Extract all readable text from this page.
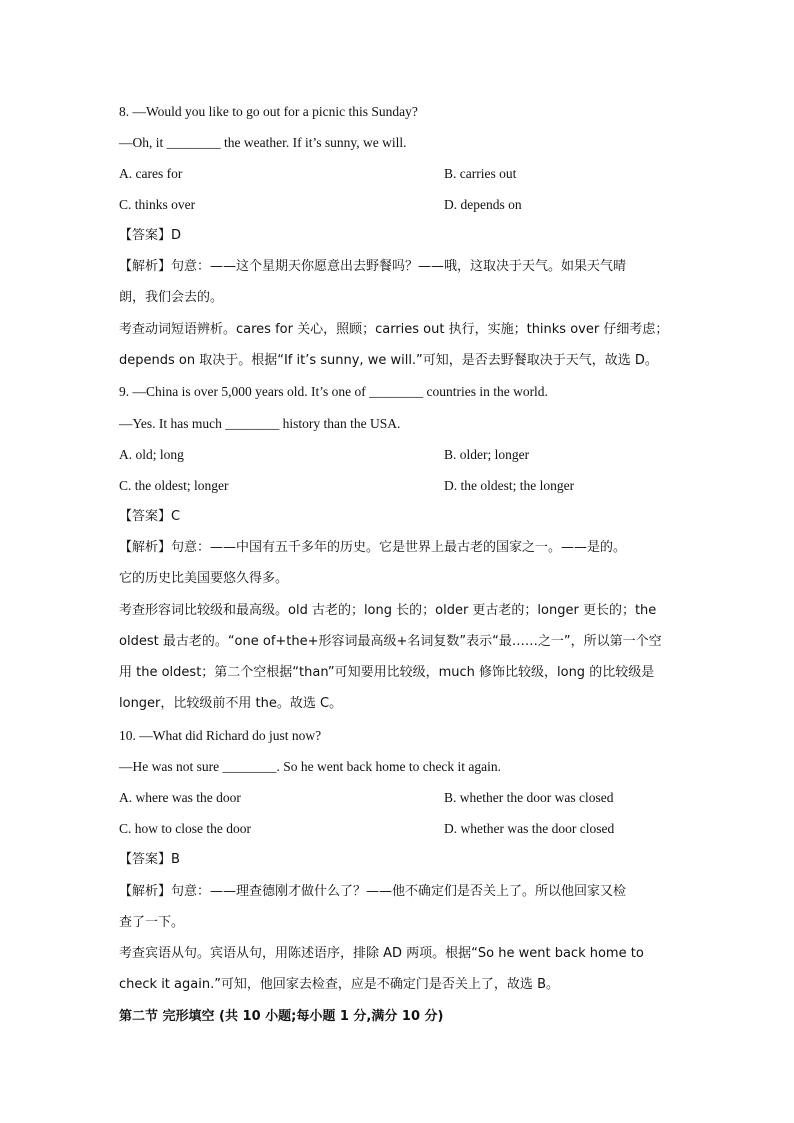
8. —Would you like to go out for a picnic this Sunday?
—Oh, it ________ the weather. If it’s sunny, we will.
A. cares for	B. carries out
C. thinks over	D. depends on
【答案】D
【解析】句意：——这个星期天你愿意出去野餐吗？——哦，这取决于天气。如果天气晴
朗，我们会去的。
考查动词短语辨析。cares for 关心，照顾；carries out 执行，实施；thinks over 仔细考虑；
depends on 取决于。根据“If it’s sunny, we will.”可知，是否去野餐取决于天气，故选 D。
9. —China is over 5,000 years old. It’s one of ________ countries in the world.
—Yes. It has much ________ history than the USA.
A. old; long	B. older; longer
C. the oldest; longer	D. the oldest; the longer
【答案】C
【解析】句意：——中国有五千多年的历史。它是世界上最古老的国家之一。——是的。
它的历史比美国要悠久得多。
考查形容词比较级和最高级。old 古老的；long 长的；older 更古老的；longer 更长的；the
oldest 最古老的。“one of+the+形容词最高级+名词复数”表示“最……之一”，所以第一个空
用 the oldest；第二个空根据“than”可知要用比较级，much 修饰比较级，long 的比较级是
longer，比较级前不用 the。故选 C。
10. —What did Richard do just now?
—He was not sure ________. So he went back home to check it again.
A. where was the door	B. whether the door was closed
C. how to close the door	D. whether was the door closed
【答案】B
【解析】句意：——理查德刚才做什么了？——他不确定们是否关上了。所以他回家又检
查了一下。
考查宾语从句。宾语从句，用陈述语序，排除 AD 两项。根据“So he went back home to
check it again.”可知，他回家去检查，应是不确定门是否关上了，故选 B。
第二节 完形填空 (共 10 小题;每小题 1 分,满分 10 分)
